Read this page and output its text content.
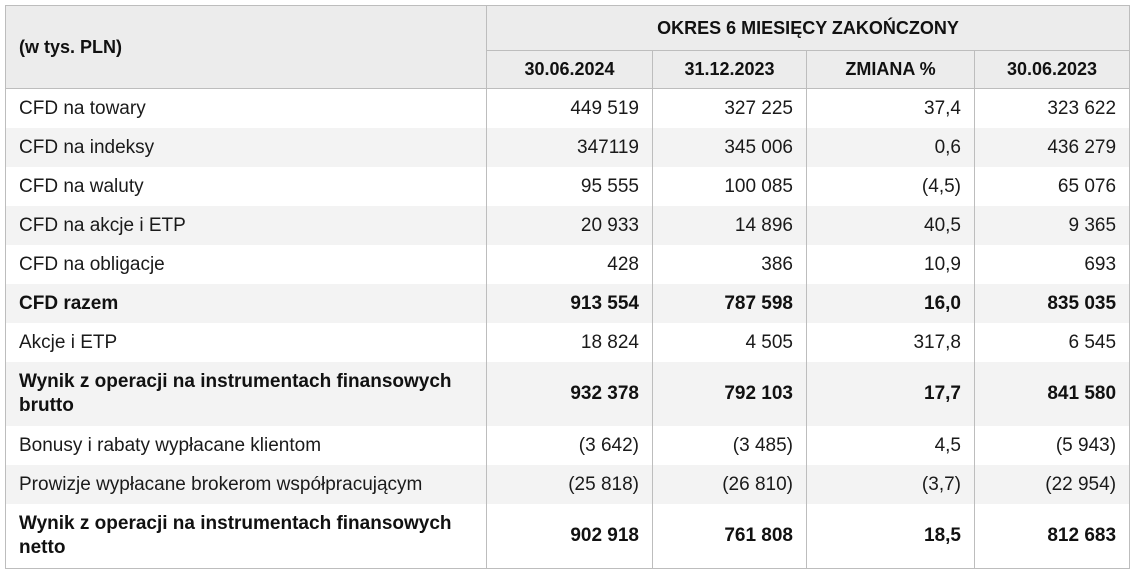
(w tys. PLN)	OKRES 6 MIESIĘCY ZAKOŃCZONY			
	30.06.2024	31.12.2023	ZMIANA %	30.06.2023
CFD na towary	449 519	327 225	37,4	323 622
CFD na indeksy	347119	345 006	0,6	436 279
CFD na waluty	95 555	100 085	(4,5)	65 076
CFD na akcje i ETP	20 933	14 896	40,5	9 365
CFD na obligacje	428	386	10,9	693
CFD razem	913 554	787 598	16,0	835 035
Akcje i ETP	18 824	4 505	317,8	6 545
Wynik z operacji na instrumentach finansowych brutto	932 378	792 103	17,7	841 580
Bonusy i rabaty wypłacane klientom	(3 642)	(3 485)	4,5	(5 943)
Prowizje wypłacane brokerom współpracującym	(25 818)	(26 810)	(3,7)	(22 954)
Wynik z operacji na instrumentach finansowych netto	902 918	761 808	18,5	812 683
